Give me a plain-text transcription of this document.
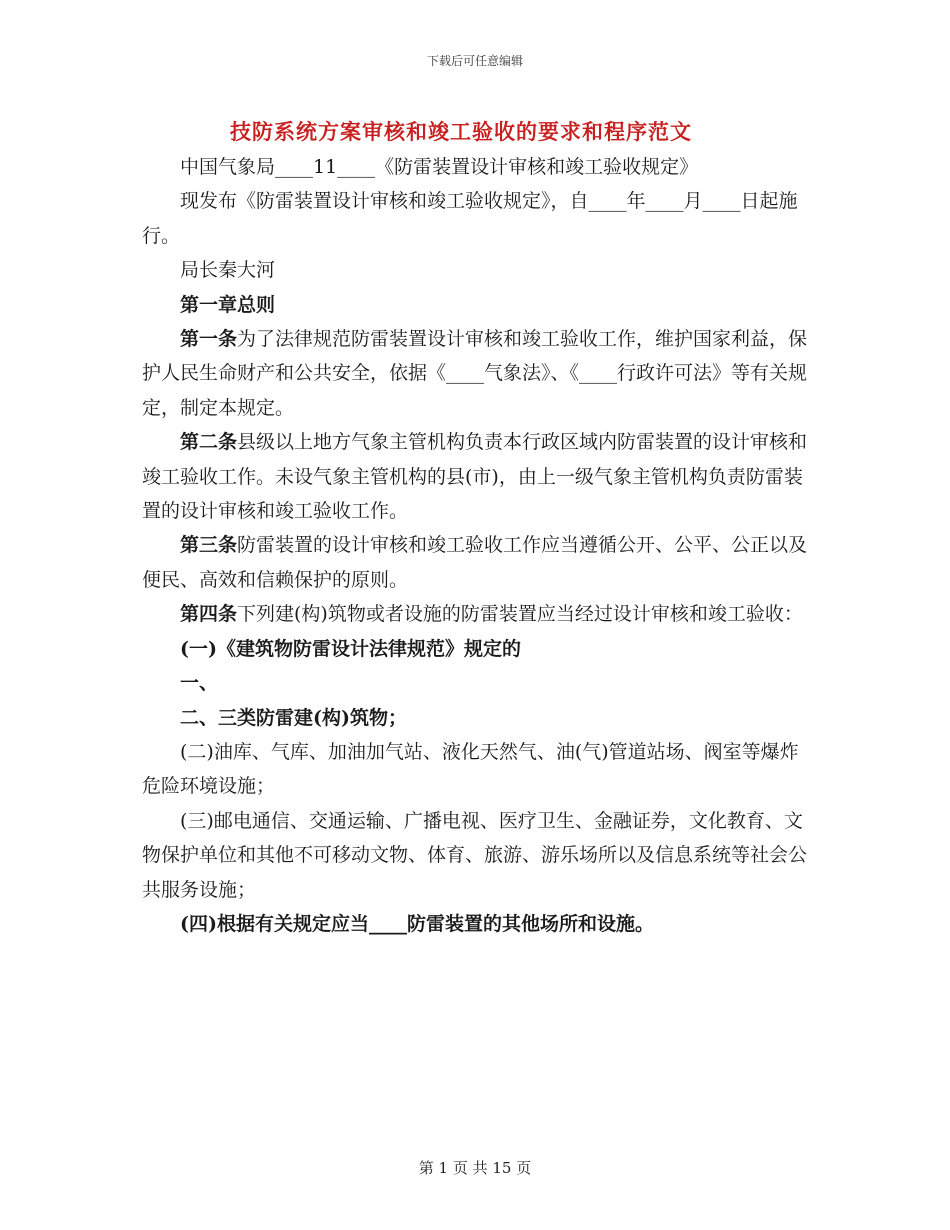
下载后可任意编辑
技防系统方案审核和竣工验收的要求和程序范文

中国气象局____11____《防雷装置设计审核和竣工验收规定》

现发布《防雷装置设计审核和竣工验收规定》，自____年____月____日起施行。

局长秦大河

第一章总则

第一条为了法律规范防雷装置设计审核和竣工验收工作，维护国家利益，保护人民生命财产和公共安全，依据《____气象法》、《____行政许可法》等有关规定，制定本规定。

第二条县级以上地方气象主管机构负责本行政区域内防雷装置的设计审核和竣工验收工作。未设气象主管机构的县(市)，由上一级气象主管机构负责防雷装置的设计审核和竣工验收工作。

第三条防雷装置的设计审核和竣工验收工作应当遵循公开、公平、公正以及便民、高效和信赖保护的原则。

第四条下列建(构)筑物或者设施的防雷装置应当经过设计审核和竣工验收：

(一)《建筑物防雷设计法律规范》规定的

一、

二、三类防雷建(构)筑物；

(二)油库、气库、加油加气站、液化天然气、油(气)管道站场、阀室等爆炸危险环境设施；

(三)邮电通信、交通运输、广播电视、医疗卫生、金融证券，文化教育、文物保护单位和其他不可移动文物、体育、旅游、游乐场所以及信息系统等社会公共服务设施；

(四)根据有关规定应当____防雷装置的其他场所和设施。

第 1 页 共 15 页
